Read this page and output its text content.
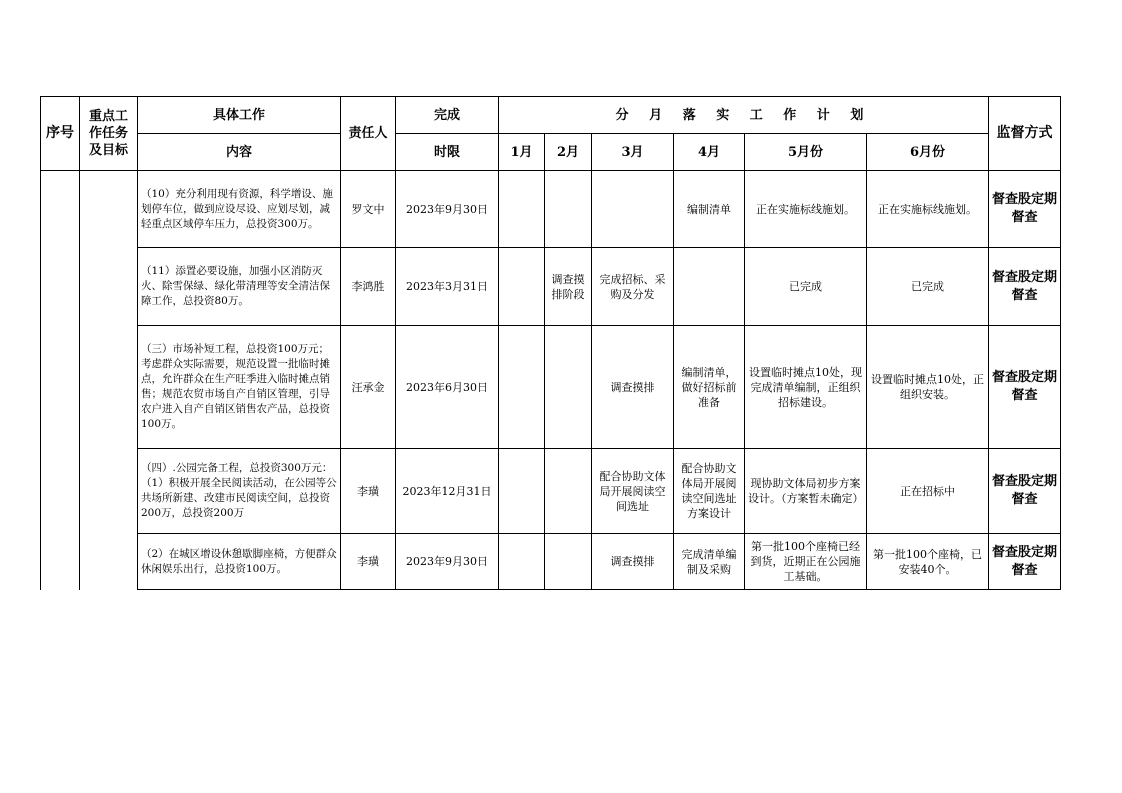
序号	重点工作任务及目标	具体工作	责任人	完成	分 月 落 实 工 作 计 划						监督方式
		内容		时限	1月	2月	3月	4月	5月份	6月份	
		（10）充分利用现有资源，科学增设、施划停车位，做到应设尽设、应划尽划，减轻重点区域停车压力，总投资300万。	罗文中	2023年9月30日				编制清单	正在实施标线施划。	正在实施标线施划。	督查股定期督查
		（11）添置必要设施，加强小区消防灭火、除雪保绿、绿化带清理等安全清洁保障工作，总投资80万。	李鸿胜	2023年3月31日		调查摸排阶段	完成招标、采购及分发		已完成	已完成	督查股定期督查
		（三）市场补短工程，总投资100万元；考虑群众实际需要，规范设置一批临时摊点，允许群众在生产旺季进入临时摊点销售；规范农贸市场自产自销区管理，引导农户进入自产自销区销售农产品，总投资100万。	汪承金	2023年6月30日			调查摸排	编制清单，做好招标前准备	设置临时摊点10处，现完成清单编制，正组织招标建设。	设置临时摊点10处，正组织安装。	督查股定期督查
		（四）.公园完备工程，总投资300万元：（1）积极开展全民阅读活动，在公园等公共场所新建、改建市民阅读空间，总投资200万，总投资200万	李璜	2023年12月31日			配合协助文体局开展阅读空间选址	配合协助文体局开展阅读空间选址方案设计	现协助文体局初步方案设计。（方案暂未确定）	正在招标中	督查股定期督查
		（2）在城区增设休憩歇脚座椅，方便群众休闲娱乐出行，总投资100万。	李璜	2023年9月30日			调查摸排	完成清单编制及采购	第一批100个座椅已经到货，近期正在公园施工基础。	第一批100个座椅，已安装40个。	督查股定期督查
